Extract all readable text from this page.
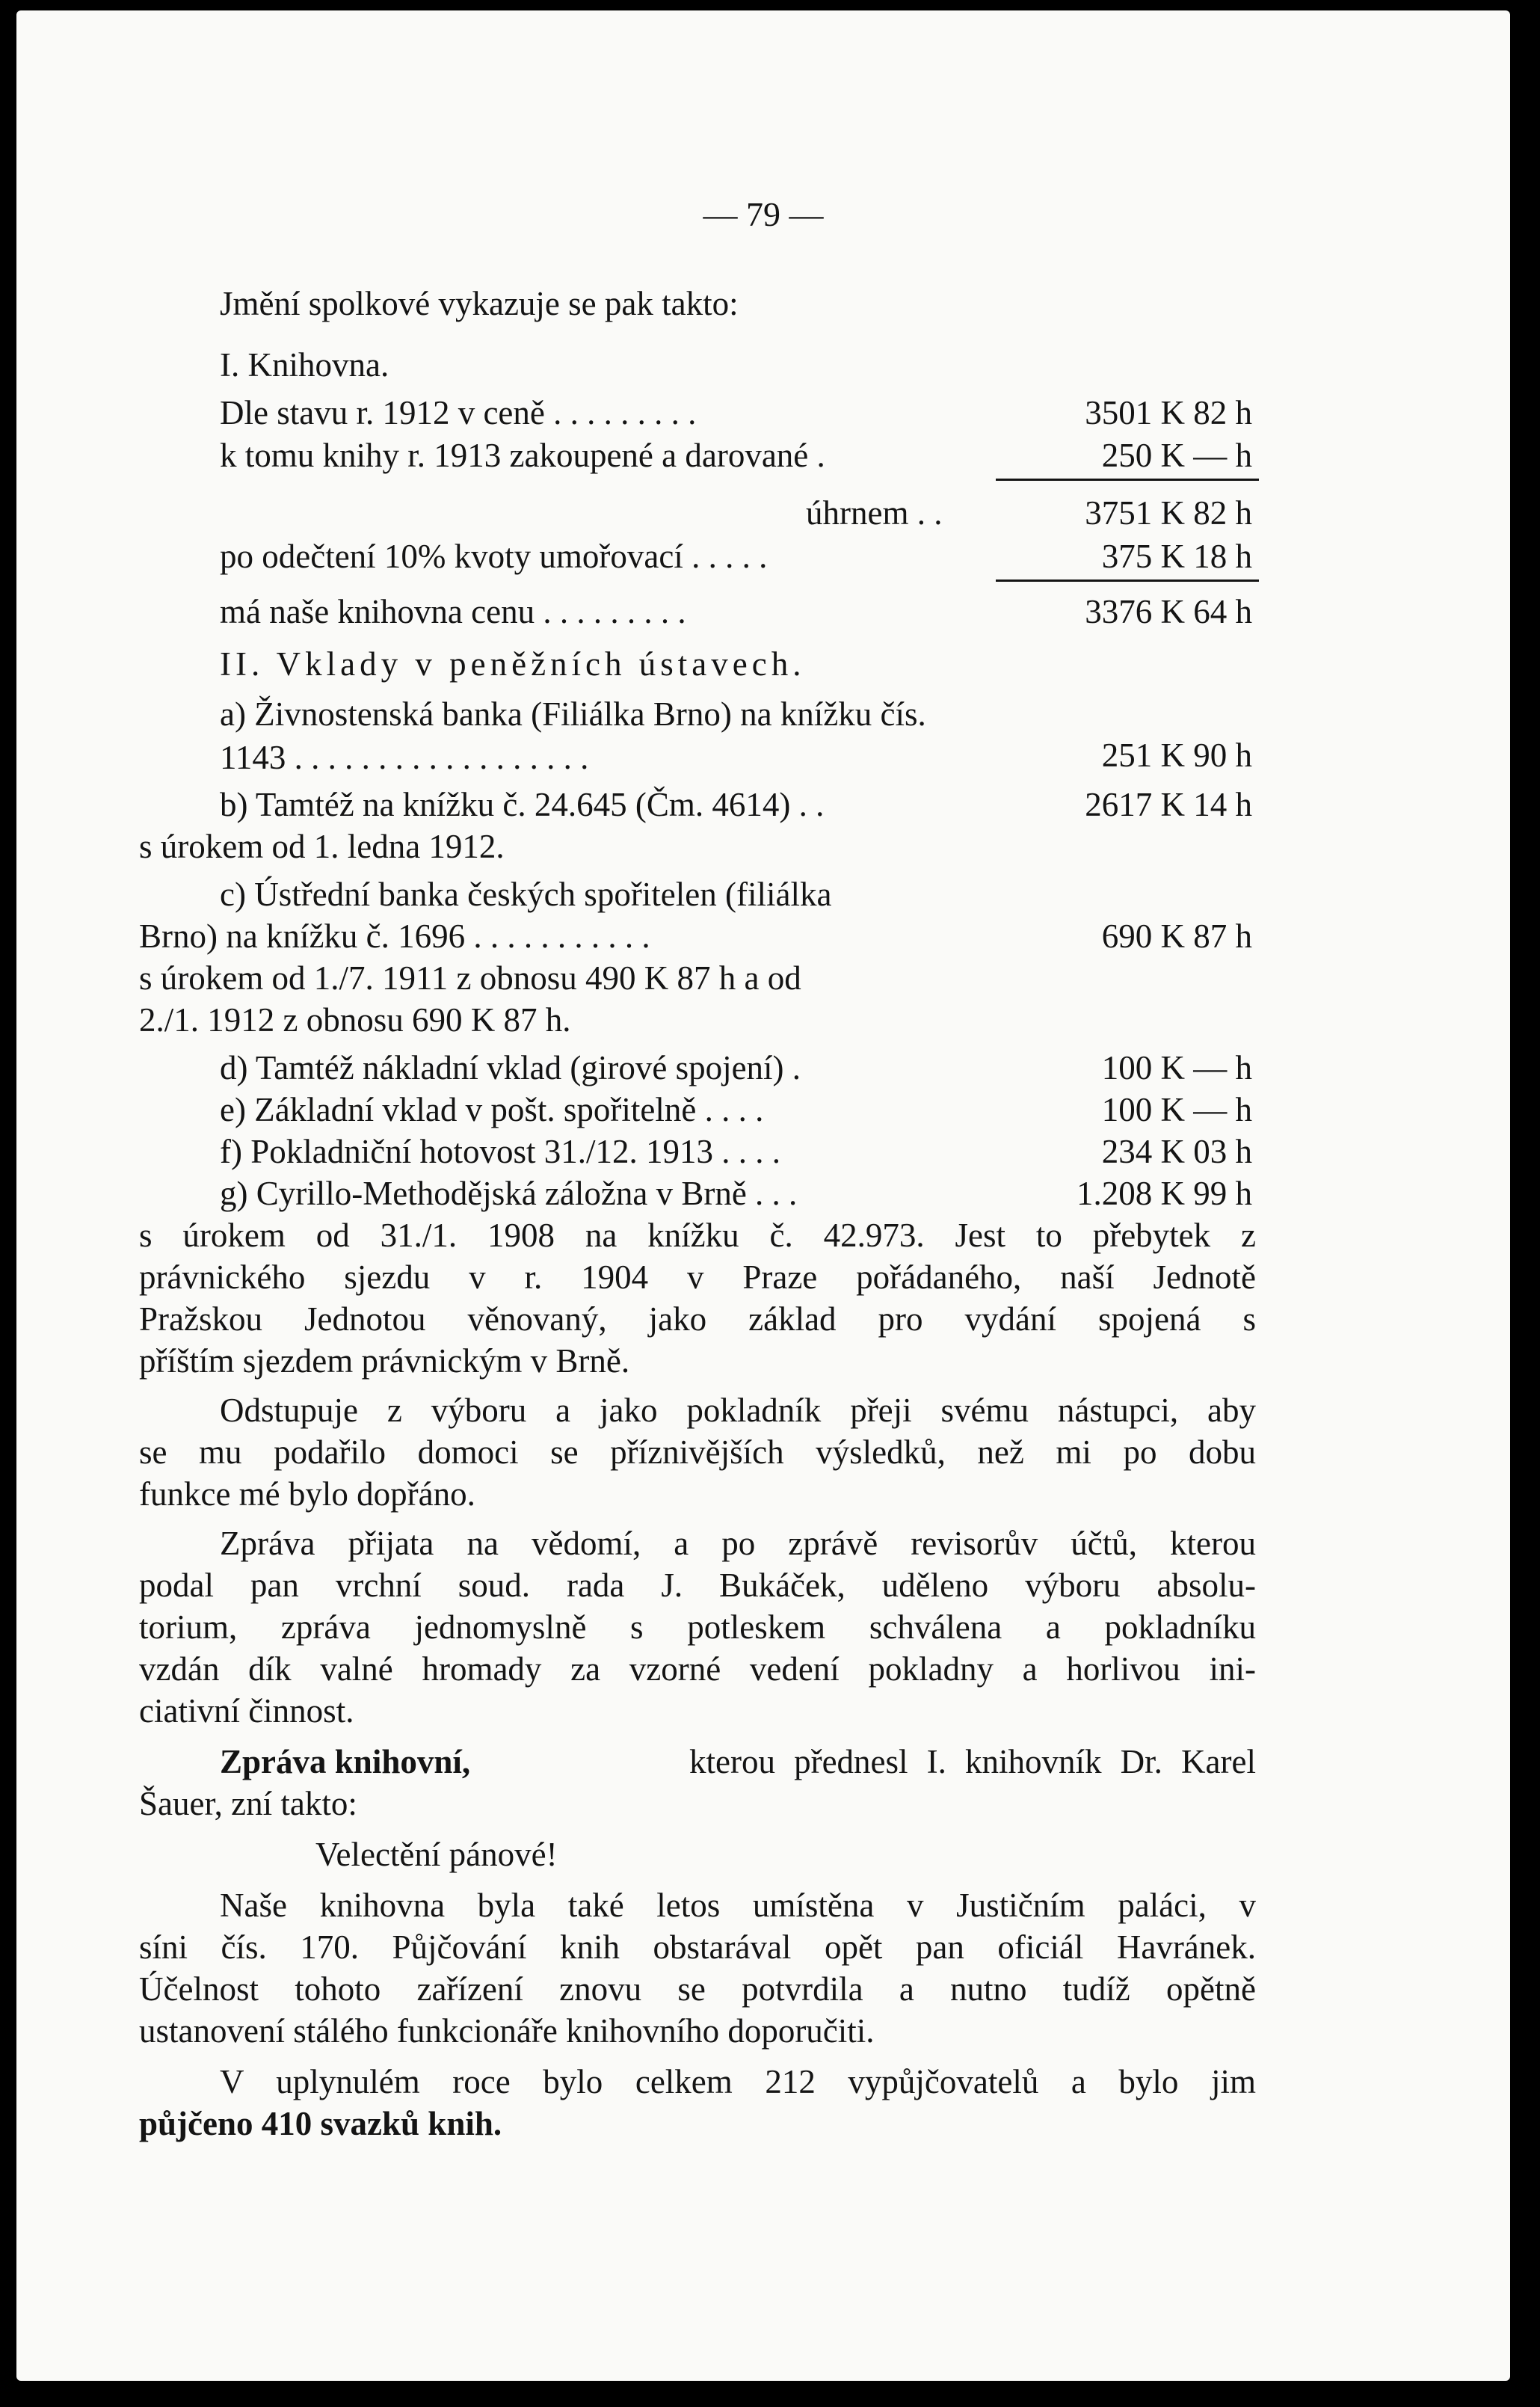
— 79 —
Jmění spolkové vykazuje se pak takto:
I. Knihovna.
Dle stavu r. 1912 v ceně . . . . . . . . .	3501 K 82 h
k tomu knihy r. 1913 zakoupené a darované .	250 K — h
úhrnem . .	3751 K 82 h
po odečtení 10% kvoty umořovací . . . . .	375 K 18 h
má naše knihovna cenu . . . . . . . . .	3376 K 64 h
II. Vklady v peněžních ústavech.
a) Živnostenská banka (Filiálka Brno) na knížku čís. 1143 . . . . . . . . . . . . . . . . . .	251 K 90 h
b) Tamtéž na knížku č. 24.645 (Čm. 4614) . .	2617 K 14 h
s úrokem od 1. ledna 1912.
c) Ústřední banka českých spořitelen (filiálka
Brno) na knížku č. 1696 . . . . . . . . . . .	690 K 87 h
s úrokem od 1./7. 1911 z obnosu 490 K 87 h a od
2./1. 1912 z obnosu 690 K 87 h.
d) Tamtéž nákladní vklad (girové spojení) .	100 K — h
e) Základní vklad v pošt. spořitelně . . . .	100 K — h
f) Pokladniční hotovost 31./12. 1913 . . . .	234 K 03 h
g) Cyrillo-Methodějská záložna v Brně . . .	1.208 K 99 h
s úrokem od 31./1. 1908 na knížku č. 42.973. Jest to přebytek z
právnického sjezdu v r. 1904 v Praze pořádaného, naší Jednotě
Pražskou Jednotou věnovaný, jako základ pro vydání spojená s
příštím sjezdem právnickým v Brně.
Odstupuje z výboru a jako pokladník přeji svému nástupci, aby
se mu podařilo domoci se příznivějších výsledků, než mi po dobu
funkce mé bylo dopřáno.
Zpráva přijata na vědomí, a po zprávě revisorův účtů, kterou
podal pan vrchní soud. rada J. Bukáček, uděleno výboru absolu-
torium, zpráva jednomyslně s potleskem schválena a pokladníku
vzdán dík valné hromady za vzorné vedení pokladny a horlivou ini-
ciativní činnost.
Zpráva knihovní,	kterou přednesl I. knihovník Dr. Karel
Šauer, zní takto:
Velectění pánové!
Naše knihovna byla také letos umístěna v Justičním paláci, v
síni čís. 170. Půjčování knih obstarával opět pan oficiál Havránek.
Účelnost tohoto zařízení znovu se potvrdila a nutno tudíž opětně
ustanovení stálého funkcionáře knihovního doporučiti.
V uplynulém roce bylo celkem 212 vypůjčovatelů a bylo jim
půjčeno 410 svazků knih.
